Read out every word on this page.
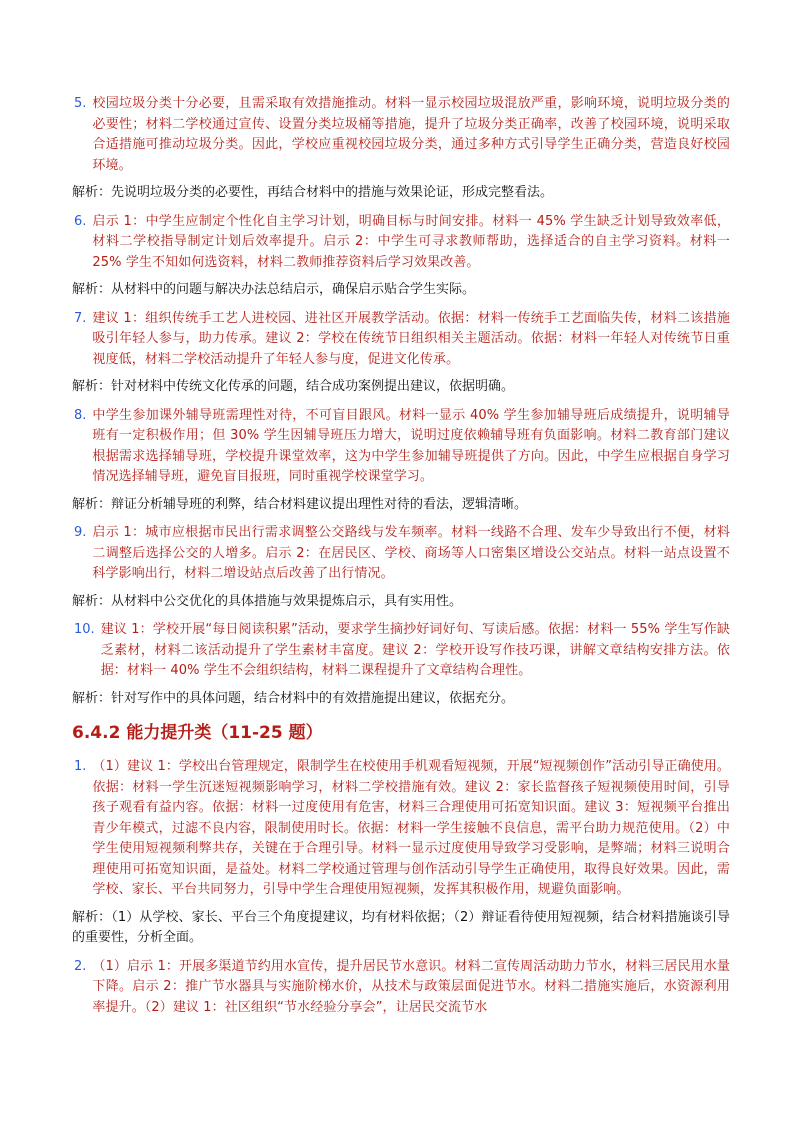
5. 校园垃圾分类十分必要，且需采取有效措施推动。材料一显示校园垃圾混放严重，影响环境，说明垃圾分类的必要性；材料二学校通过宣传、设置分类垃圾桶等措施，提升了垃圾分类正确率，改善了校园环境，说明采取合适措施可推动垃圾分类。因此，学校应重视校园垃圾分类，通过多种方式引导学生正确分类，营造良好校园环境。
解析：先说明垃圾分类的必要性，再结合材料中的措施与效果论证，形成完整看法。
6. 启示 1：中学生应制定个性化自主学习计划，明确目标与时间安排。材料一 45% 学生缺乏计划导致效率低，材料二学校指导制定计划后效率提升。启示 2：中学生可寻求教师帮助，选择适合的自主学习资料。材料一 25% 学生不知如何选资料，材料二教师推荐资料后学习效果改善。
解析：从材料中的问题与解决办法总结启示，确保启示贴合学生实际。
7. 建议 1：组织传统手工艺人进校园、进社区开展教学活动。依据：材料一传统手工艺面临失传，材料二该措施吸引年轻人参与，助力传承。建议 2：学校在传统节日组织相关主题活动。依据：材料一年轻人对传统节日重视度低，材料二学校活动提升了年轻人参与度，促进文化传承。
解析：针对材料中传统文化传承的问题，结合成功案例提出建议，依据明确。
8. 中学生参加课外辅导班需理性对待，不可盲目跟风。材料一显示 40% 学生参加辅导班后成绩提升，说明辅导班有一定积极作用；但 30% 学生因辅导班压力增大，说明过度依赖辅导班有负面影响。材料二教育部门建议根据需求选择辅导班，学校提升课堂效率，这为中学生参加辅导班提供了方向。因此，中学生应根据自身学习情况选择辅导班，避免盲目报班，同时重视学校课堂学习。
解析：辩证分析辅导班的利弊，结合材料建议提出理性对待的看法，逻辑清晰。
9. 启示 1：城市应根据市民出行需求调整公交路线与发车频率。材料一线路不合理、发车少导致出行不便，材料二调整后选择公交的人增多。启示 2：在居民区、学校、商场等人口密集区增设公交站点。材料一站点设置不科学影响出行，材料二增设站点后改善了出行情况。
解析：从材料中公交优化的具体措施与效果提炼启示，具有实用性。
10. 建议 1：学校开展“每日阅读积累”活动，要求学生摘抄好词好句、写读后感。依据：材料一 55% 学生写作缺乏素材，材料二该活动提升了学生素材丰富度。建议 2：学校开设写作技巧课，讲解文章结构安排方法。依据：材料一 40% 学生不会组织结构，材料二课程提升了文章结构合理性。
解析：针对写作中的具体问题，结合材料中的有效措施提出建议，依据充分。
6.4.2 能力提升类（11-25 题）
1. （1）建议 1：学校出台管理规定，限制学生在校使用手机观看短视频，开展“短视频创作”活动引导正确使用。依据：材料一学生沉迷短视频影响学习，材料二学校措施有效。建议 2：家长监督孩子短视频使用时间，引导孩子观看有益内容。依据：材料一过度使用有危害，材料三合理使用可拓宽知识面。建议 3：短视频平台推出青少年模式，过滤不良内容，限制使用时长。依据：材料一学生接触不良信息，需平台助力规范使用。（2）中学生使用短视频利弊共存，关键在于合理引导。材料一显示过度使用导致学习受影响，是弊端；材料三说明合理使用可拓宽知识面，是益处。材料二学校通过管理与创作活动引导学生正确使用，取得良好效果。因此，需学校、家长、平台共同努力，引导中学生合理使用短视频，发挥其积极作用，规避负面影响。
解析：（1）从学校、家长、平台三个角度提建议，均有材料依据；（2）辩证看待使用短视频，结合材料措施谈引导的重要性，分析全面。
2. （1）启示 1：开展多渠道节约用水宣传，提升居民节水意识。材料二宣传周活动助力节水，材料三居民用水量下降。启示 2：推广节水器具与实施阶梯水价，从技术与政策层面促进节水。材料二措施实施后，水资源利用率提升。（2）建议 1：社区组织“节水经验分享会”，让居民交流节水
